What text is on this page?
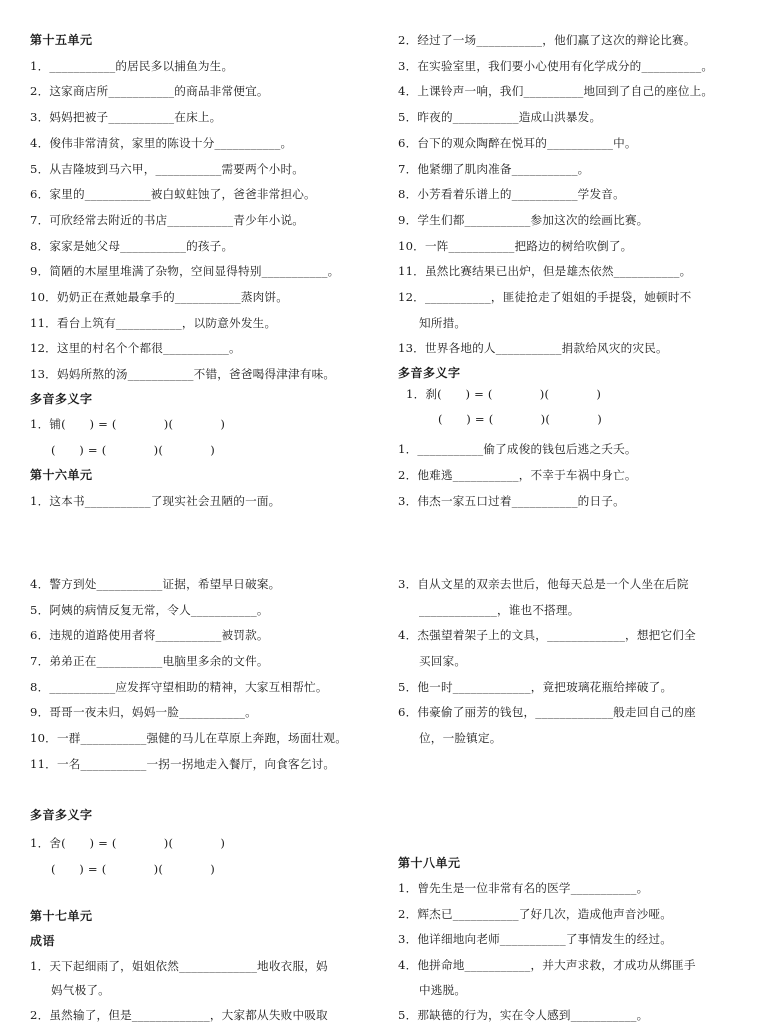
第十五单元
1．___________的居民多以捕鱼为生。
2．这家商店所___________的商品非常便宜。
3．妈妈把被子___________在床上。
4．俊伟非常清贫，家里的陈设十分___________。
5．从吉隆坡到马六甲，___________需要两个小时。
6．家里的___________被白蚁蛀蚀了，爸爸非常担心。
7．可欣经常去附近的书店___________青少年小说。
8．家家是她父母___________的孩子。
9．简陋的木屋里堆满了杂物，空间显得特别___________。
10．奶奶正在煮她最拿手的___________蒸肉饼。
11．看台上筑有___________，以防意外发生。
12．这里的村名个个都很___________。
13．妈妈所熬的汤___________不错，爸爸喝得津津有味。
多音多义字
1．铺(　　) = (　　　　)(　　　　)
(　　) = (　　　　)(　　　　)
第十六单元
1．这本书___________了现实社会丑陋的一面。
4．警方到处___________证据，希望早日破案。
5．阿姨的病情反复无常，令人___________。
6．违规的道路使用者将___________被罚款。
7．弟弟正在___________电脑里多余的文件。
8．___________应发挥守望相助的精神，大家互相帮忙。
9．哥哥一夜未归，妈妈一脸___________。
10．一群___________强健的马儿在草原上奔跑，场面壮观。
11．一名___________一拐一拐地走入餐厅，向食客乞讨。
多音多义字
1．舍(　　) = (　　　　)(　　　　)
(　　) = (　　　　)(　　　　)
第十七单元
成语
1．天下起细雨了，姐姐依然_____________地收衣服，妈
妈气极了。
2．虽然输了，但是_____________，大家都从失败中吸取
2．经过了一场___________，他们赢了这次的辩论比赛。
3．在实验室里，我们要小心使用有化学成分的__________。
4．上课铃声一响，我们__________地回到了自己的座位上。
5．昨夜的___________造成山洪暴发。
6．台下的观众陶醉在悦耳的___________中。
7．他紧绷了肌肉准备___________。
8．小芳看着乐谱上的___________学发音。
9．学生们都___________参加这次的绘画比赛。
10．一阵___________把路边的树给吹倒了。
11．虽然比赛结果已出炉，但是雄杰依然___________。
12．___________，匪徒抢走了姐姐的手提袋，她顿时不
知所措。
13．世界各地的人___________捐款给风灾的灾民。
多音多义字
1．刹(　　) = (　　　　)(　　　　)
(　　) = (　　　　)(　　　　)
1．___________偷了成俊的钱包后逃之夭夭。
2．他难逃___________，不幸于车祸中身亡。
3．伟杰一家五口过着___________的日子。
3．自从文星的双亲去世后，他每天总是一个人坐在后院
_____________，谁也不搭理。
4．杰强望着架子上的文具，_____________，想把它们全
买回家。
5．他一时_____________，竟把玻璃花瓶给摔破了。
6．伟豪偷了丽芳的钱包，_____________般走回自己的座
位，一脸镇定。
第十八单元
1．曾先生是一位非常有名的医学___________。
2．辉杰已___________了好几次，造成他声音沙哑。
3．他详细地向老师___________了事情发生的经过。
4．他拼命地___________，并大声求救，才成功从绑匪手
中逃脱。
5．那缺德的行为，实在令人感到___________。
